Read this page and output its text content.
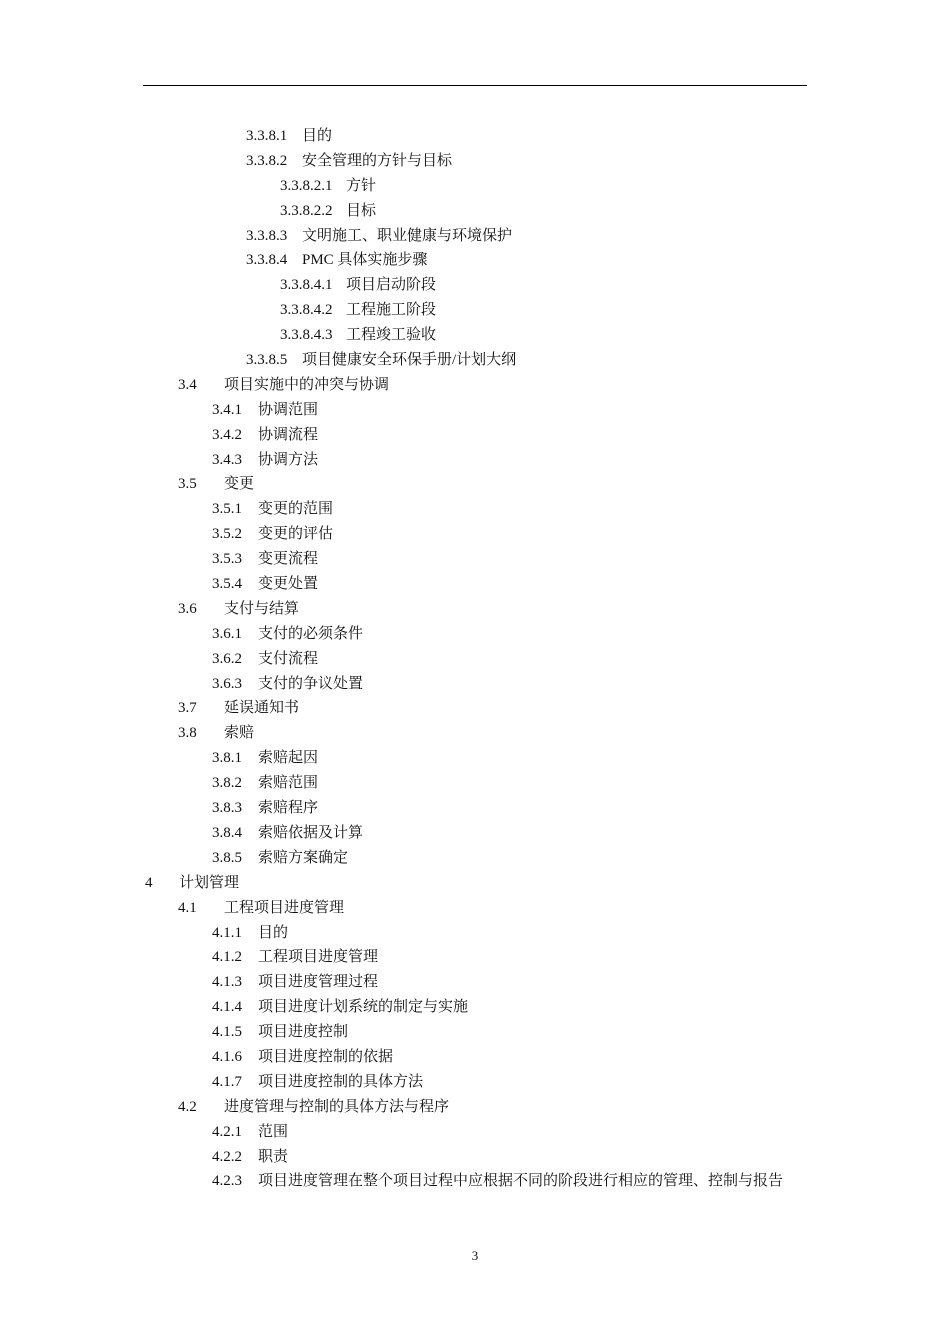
3.3.8.1 目的
3.3.8.2 安全管理的方针与目标
3.3.8.2.1 方针
3.3.8.2.2 目标
3.3.8.3 文明施工、职业健康与环境保护
3.3.8.4 PMC 具体实施步骤
3.3.8.4.1 项目启动阶段
3.3.8.4.2 工程施工阶段
3.3.8.4.3 工程竣工验收
3.3.8.5 项目健康安全环保手册/计划大纲
3.4 项目实施中的冲突与协调
3.4.1 协调范围
3.4.2 协调流程
3.4.3 协调方法
3.5 变更
3.5.1 变更的范围
3.5.2 变更的评估
3.5.3 变更流程
3.5.4 变更处置
3.6 支付与结算
3.6.1 支付的必须条件
3.6.2 支付流程
3.6.3 支付的争议处置
3.7 延误通知书
3.8 索赔
3.8.1 索赔起因
3.8.2 索赔范围
3.8.3 索赔程序
3.8.4 索赔依据及计算
3.8.5 索赔方案确定
4 计划管理
4.1 工程项目进度管理
4.1.1 目的
4.1.2 工程项目进度管理
4.1.3 项目进度管理过程
4.1.4 项目进度计划系统的制定与实施
4.1.5 项目进度控制
4.1.6 项目进度控制的依据
4.1.7 项目进度控制的具体方法
4.2 进度管理与控制的具体方法与程序
4.2.1 范围
4.2.2 职责
4.2.3 项目进度管理在整个项目过程中应根据不同的阶段进行相应的管理、控制与报告
3
